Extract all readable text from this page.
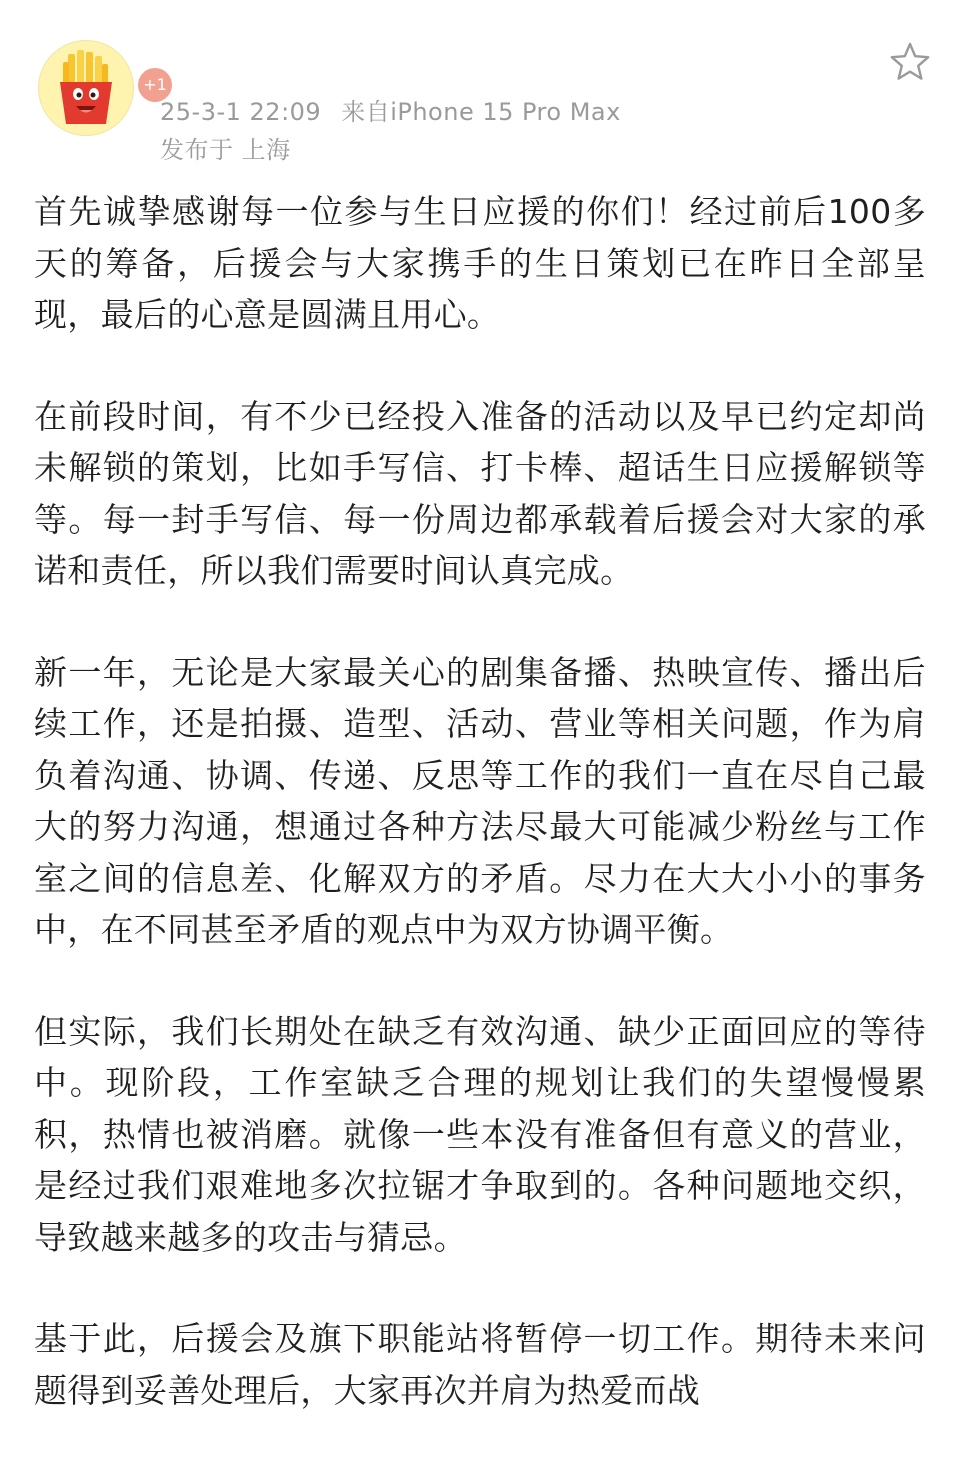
+1
25-3-1 22:09 来自iPhone 15 Pro Max
发布于 上海

首先诚挚感谢每一位参与生日应援的你们！经过前后100多天的筹备，后援会与大家携手的生日策划已在昨日全部呈现，最后的心意是圆满且用心。

在前段时间，有不少已经投入准备的活动以及早已约定却尚未解锁的策划，比如手写信、打卡棒、超话生日应援解锁等等。每一封手写信、每一份周边都承载着后援会对大家的承诺和责任，所以我们需要时间认真完成。

新一年，无论是大家最关心的剧集备播、热映宣传、播出后续工作，还是拍摄、造型、活动、营业等相关问题，作为肩负着沟通、协调、传递、反思等工作的我们一直在尽自己最大的努力沟通，想通过各种方法尽最大可能减少粉丝与工作室之间的信息差、化解双方的矛盾。尽力在大大小小的事务中，在不同甚至矛盾的观点中为双方协调平衡。

但实际，我们长期处在缺乏有效沟通、缺少正面回应的等待中。现阶段，工作室缺乏合理的规划让我们的失望慢慢累积，热情也被消磨。就像一些本没有准备但有意义的营业，是经过我们艰难地多次拉锯才争取到的。各种问题地交织，导致越来越多的攻击与猜忌。

基于此，后援会及旗下职能站将暂停一切工作。期待未来问题得到妥善处理后，大家再次并肩为热爱而战
